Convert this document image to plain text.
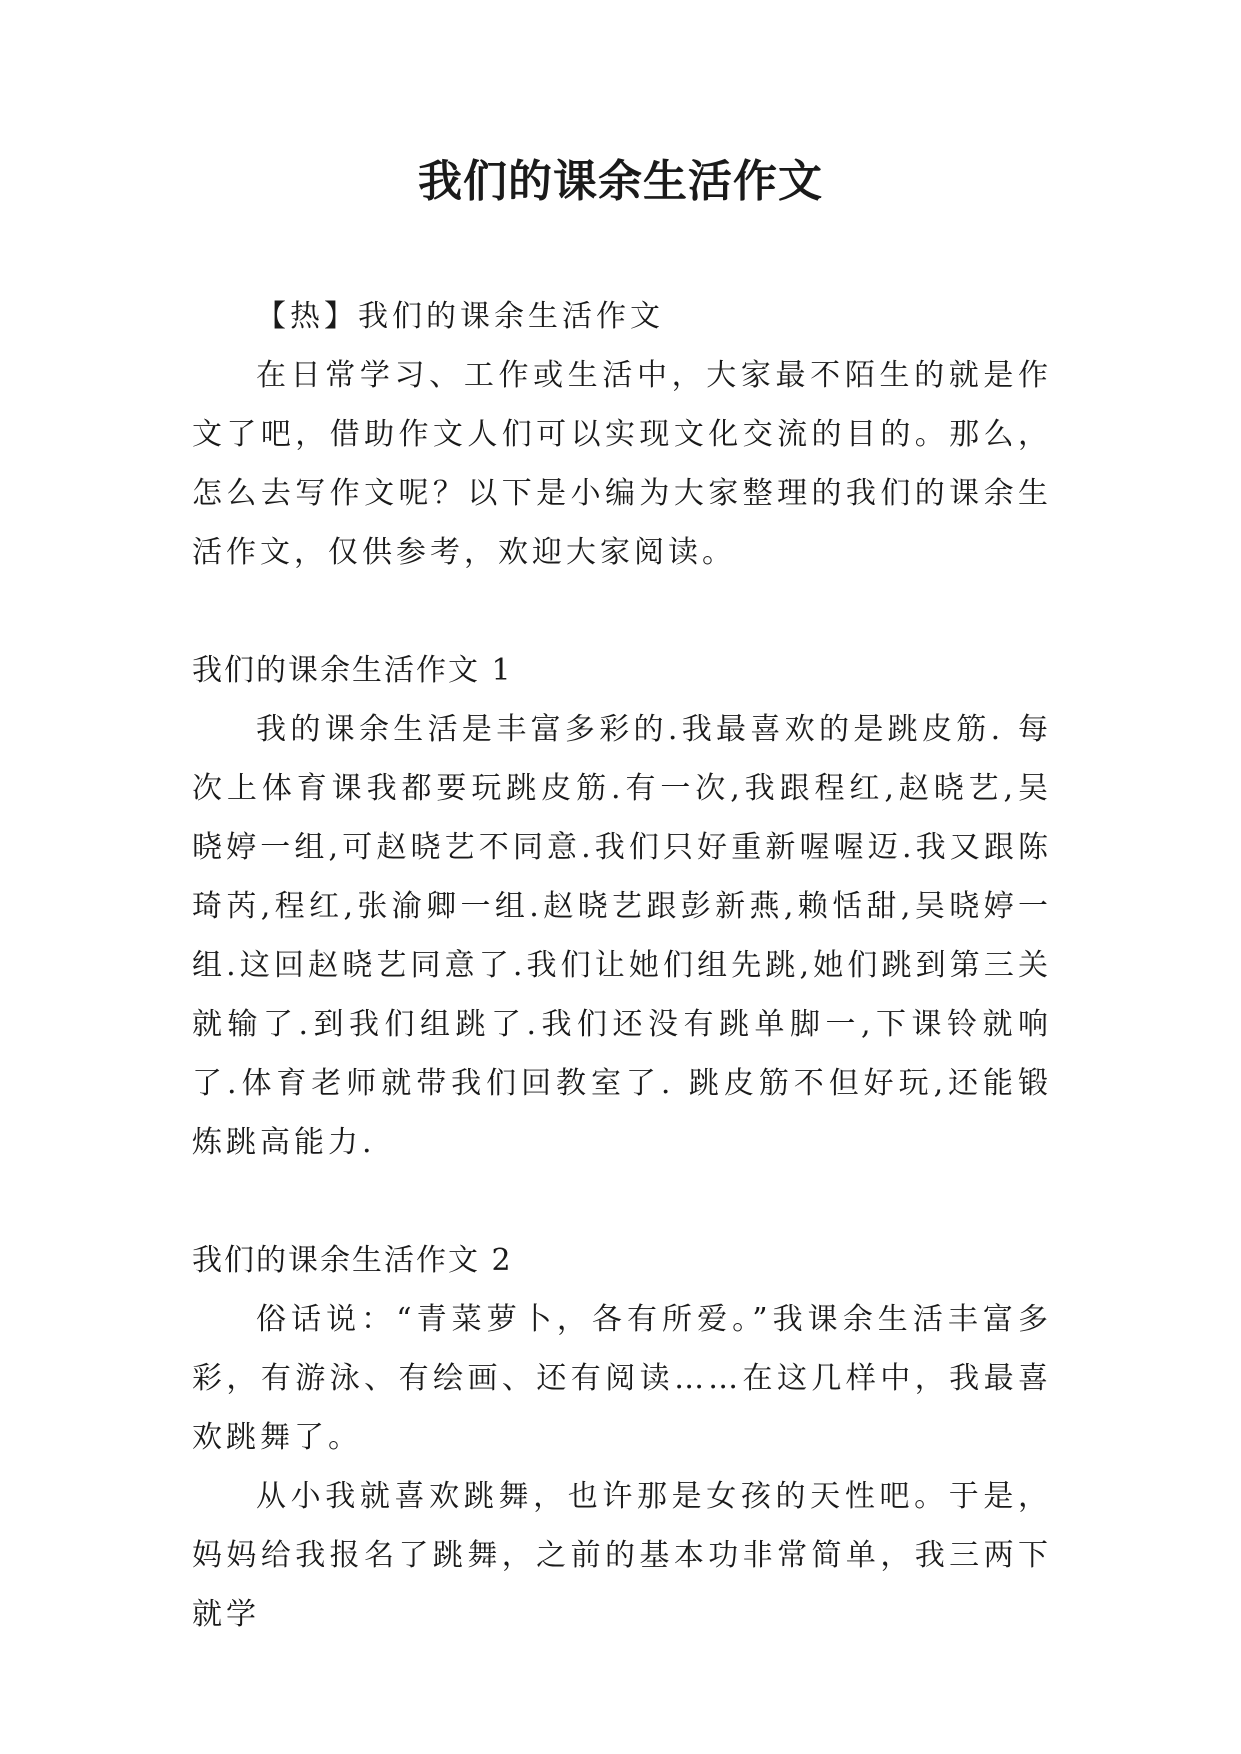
我们的课余生活作文

【热】我们的课余生活作文

在日常学习、工作或生活中，大家最不陌生的就是作文了吧，借助作文人们可以实现文化交流的目的。那么，怎么去写作文呢？以下是小编为大家整理的我们的课余生活作文，仅供参考，欢迎大家阅读。

我们的课余生活作文 1

我的课余生活是丰富多彩的.我最喜欢的是跳皮筋. 每次上体育课我都要玩跳皮筋.有一次,我跟程红,赵晓艺,吴晓婷一组,可赵晓艺不同意.我们只好重新喔喔迈.我又跟陈琦芮,程红,张渝卿一组.赵晓艺跟彭新燕,赖恬甜,吴晓婷一组.这回赵晓艺同意了.我们让她们组先跳,她们跳到第三关就输了.到我们组跳了.我们还没有跳单脚一,下课铃就响了.体育老师就带我们回教室了. 跳皮筋不但好玩,还能锻炼跳高能力.

我们的课余生活作文 2

俗话说：“青菜萝卜，各有所爱。”我课余生活丰富多彩，有游泳、有绘画、还有阅读……在这几样中，我最喜欢跳舞了。

从小我就喜欢跳舞，也许那是女孩的天性吧。于是，妈妈给我报名了跳舞，之前的基本功非常简单，我三两下就学
